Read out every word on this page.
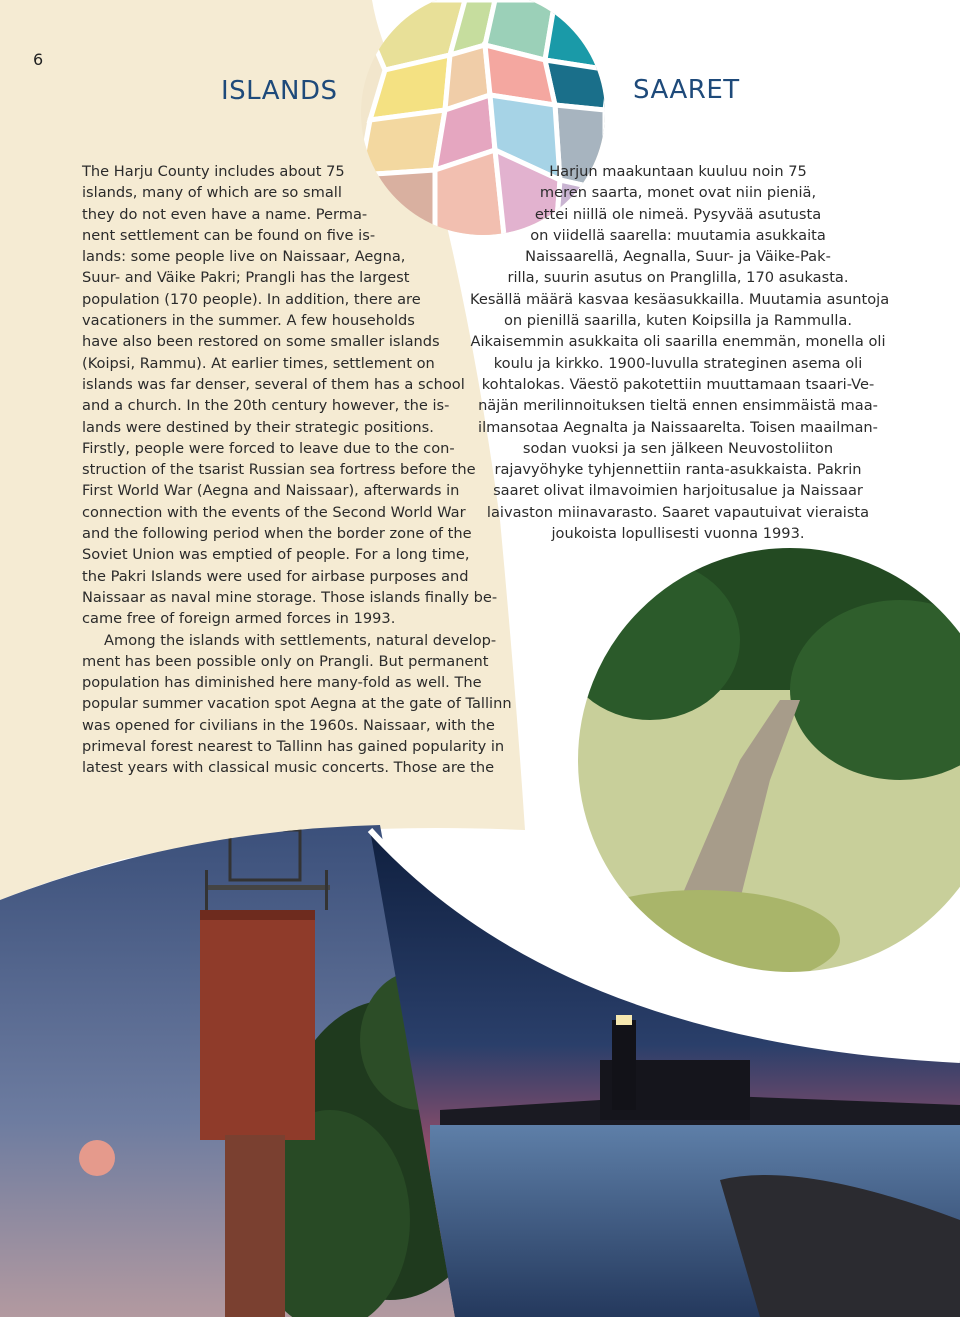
6
ISLANDS	SAARET
The Harju County includes about 75
islands, many of which are so small
they do not even have a name. Perma-
nent settlement can be found on five is-
lands: some people live on Naissaar, Aegna,
Suur- and Väike Pakri; Prangli has the largest
population (170 people). In addition, there are
vacationers in the summer. A few households
have also been restored on some smaller islands
(Koipsi, Rammu). At earlier times, settlement on
islands was far denser, several of them has a school
and a church. In the 20th century however, the is-
lands were destined by their strategic positions.
Firstly, people were forced to leave due to the con-
struction of the tsarist Russian sea fortress before the
First World War (Aegna and Naissaar), afterwards in
connection with the events of the Second World War
and the following period when the border zone of the
Soviet Union was emptied of people. For a long time,
the Pakri Islands were used for airbase purposes and
Naissaar as naval mine storage. Those islands finally be-
came free of foreign armed forces in 1993.
Among the islands with settlements, natural develop-
ment has been possible only on Prangli. But permanent
population has diminished here many-fold as well. The
popular summer vacation spot Aegna at the gate of Tallinn
was opened for civilians in the 1960s. Naissaar, with the
primeval forest nearest to Tallinn has gained popularity in
latest years with classical music concerts. Those are the
Harjun maakuntaan kuuluu noin 75
meren saarta, monet ovat niin pieniä,
ettei niillä ole nimeä. Pysyvää asutusta
on viidellä saarella: muutamia asukkaita
Naissaarellä, Aegnalla, Suur- ja Väike-Pak-
rilla, suurin asutus on Pranglilla, 170 asukasta.
Kesällä määrä kasvaa kesäasukkailla. Muutamia asuntoja
on pienillä saarilla, kuten Koipsilla ja Rammulla.
Aikaisemmin asukkaita oli saarilla enemmän, monella oli
koulu ja kirkko. 1900-luvulla strateginen asema oli
kohtalokas. Väestö pakotettiin muuttamaan tsaari-Ve-
näjän merilinnoituksen tieltä ennen ensimmäistä maa-
ilmansotaa Aegnalta ja Naissaarelta. Toisen maailman-
sodan vuoksi ja sen jälkeen Neuvostoliiton
rajavyöhyke tyhjennettiin ranta-asukkaista. Pakrin
saaret olivat ilmavoimien harjoitusalue ja Naissaar
laivaston miinavarasto. Saaret vapautuivat vieraista
joukoista lopullisesti vuonna 1993.
